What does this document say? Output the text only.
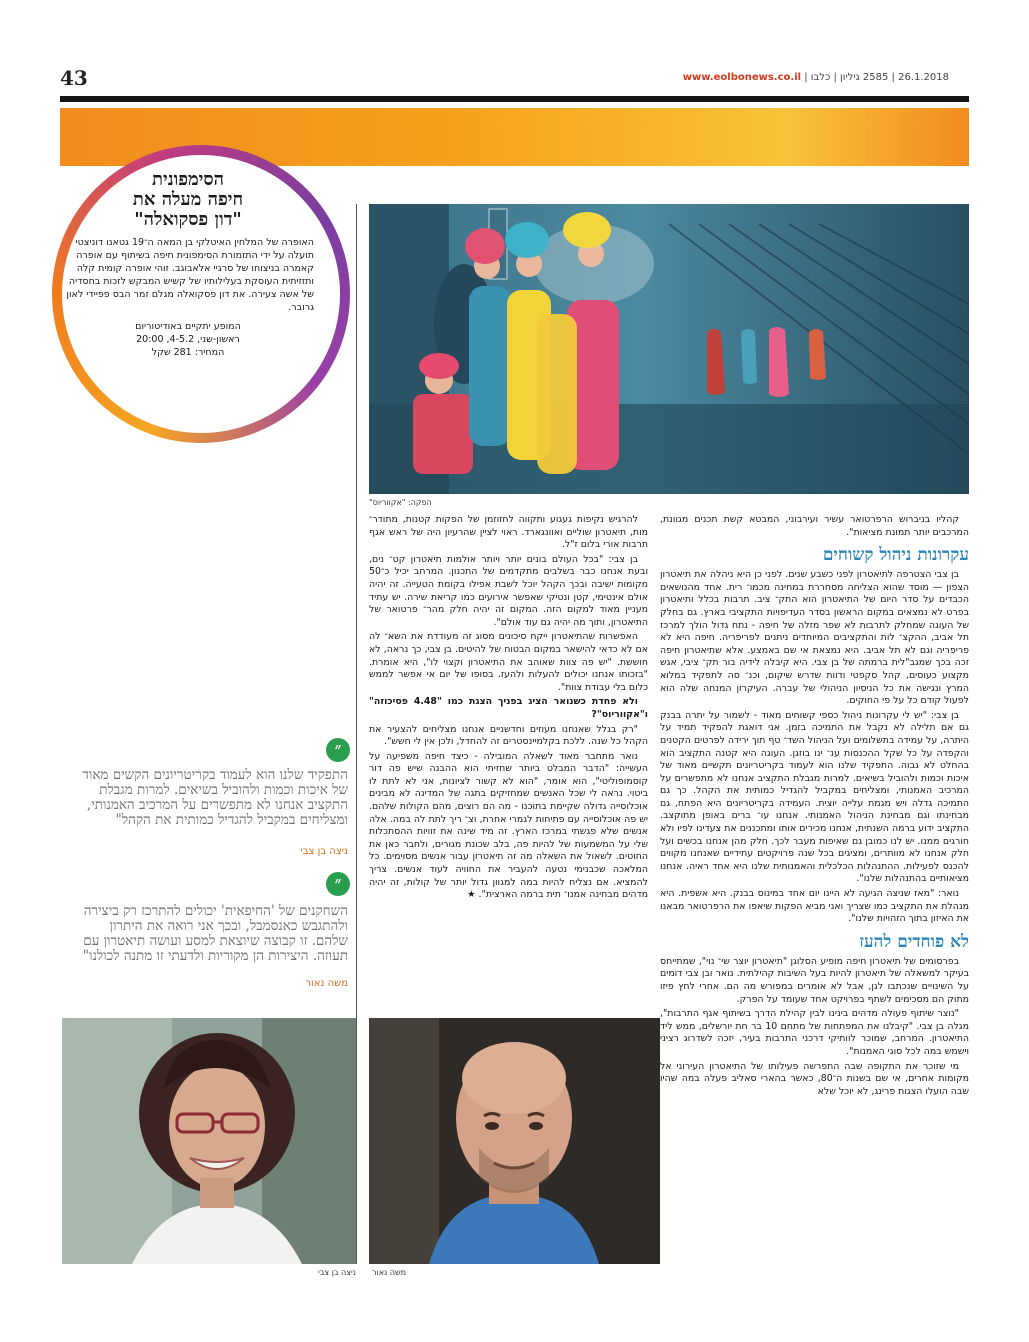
43	26.1.2018 | 2585 גיליון | כלבו | www.eolbonews.co.il
הסימפונית
חיפה מעלה את
"דון פסקואלה"
האופרה של המלחין האיטלקי בן המאה ה־19 גטאנו דוניצטי תועלה על ידי התזמורת הסימפונית חיפה בשיתוף עם אופרה קאמרה בניצוחו של סרגיי אלאבוגב. זוהי אופרה קומית קלה ותזזיתית העוסקת בעלילותיו של קשיש המבקש לזכות בחסדיה של אשה צעירה. את דון פסקואלה מגלם זמר הבס פפיידי לאון גרובר.
המופע יתקיים באודיטוריום
ראשון-שני, 4-5.2, 20:00
המחיר: 281 שקל
הפקה: "אקווריוס"

קהליו בניברוש הרפרטואר עשיר ועירבוני, המבטא קשת תכנים מגוונת, המרכבים יותר תמונת מציאות".

עקרונות ניהול קשוחים

בן צבי הצטרפה לתיאטרון לפני כשבע שנים. לפני כן היא ניהלה את תיאטרון הצפון — מוסד שהוא הצליחה מסחררת במחינה מכמו־ רית. אחד מהנושאים הכבדים על סדר היום של התיאטרון הוא התק־ ציב. תרבות בכלל ותיאטרון בפרט לא נמצאים במקום הראשון בסדר העדיפויות התקציבי בארץ. גם בחלק של העוגה שמחלק לתרבות לא שפר מזלה של חיפה - נתח גדול הולך למרכז תל אביב, ההקצ־ לות והתקציבים המיוחדים ניתנים לפריפריה. חיפה היא לא פריפריה וגם לא תל אביב. היא נמצאת אי שם באמצע. אלא שתיאטרון חיפה זכה בכך שמגב"לית ברמתה של בן צבי. היא קיבלה לידיה בור תק־ ציבי, אגש מקצוע כעוסים, קהל סקפטי ודוות שדרש שיקום, וכנ־ סה לתפקיד במלוא המרץ ונגישה את כל הניסיון הניהולי של עברה. העיקרון המנחה שלה הוא לפעול קודם כל על פי החוקים.

בן צבי: "יש לי עקרונות ניהול כספי קשוחים מאוד - לשמור על יתרה בבנק גם אם תלילה לא נקבל את התמיכה בזמן. אני דואגת להפקיד תמיד על היתרה, על עמידה בתשלומים ועל הניהול השד־ טף תוך ירידה לפרטים הקטנים והקפדה על כל שקל ההכנסות ענ־ ינו בוזגן. העוגה היא קטנה התקציב הוא בהחלט לא גבוה. התפקיד שלנו הוא לעמוד בקריטריונים תקשיים מאוד של איכות וכמות ולהוביל בשיאים. למרות מגבלת התקציב אנחנו לא מתפשרים על המרכיב האמנותי, ומצליחים במקביל להגדיל כמותית את הקהל. כך גם התמיכה גדלה ויש מגמת עלייה יוצית. העמידה בקריטריונים היא הפתח, גם מבחינתו וגם מבחינת הניהול האמנותי. אנחנו עו־ ברים באופן מתוקצב. התקציב ידוע ברמה השנתית, אנחנו מכירים אותו ומתכננים את צעדינו לפיו ולא חורגים ממנו. יש לנו כמובן גם שאיפות מעבר לכך. חלק מהן אנחנו בכשים ועל חלק אנחנו לא מוותרים, ומציגים בכל שנה פרויקטים עתידיים שאנחנו מקווים להכנס לפעילות. ההתנהלות הכלכלית והאמנותית שלנו היא אחד ראיה. אנחנו מציאותיים בהתנהלות שלנו".

נואר: "מאז שניצה הגיעה לא היינו יום אחד במינוס בבנק. היא אשפית. היא מנהלת את התקציב כמו שצריך ואני מביא הפקות שיאפו את הרפרטואר מבאנו את האיזון בתוך הזהויות שלנו".

לא פוחדים להעז

בפרסומים של תיאטרון חיפה מופיע הסלוגן "תיאטרון יוצר שי־ נוי", שמתייחס בעיקר למשאלה של תיאטרון להיות בעל השיבות קהילתית. נואר ובן צבי דומים על השינויים שנכתבו לגן, אבל לא אומרים במפורש מה הם. אחרי לחץ פיזו מתוק הם מסכימים לשתף בפרויקט אחד שעומד על הפרק.

"נוצר שיתוף פעולה מדהים בינינו לבין קהילת הדרך בשיתוף אגף התרבות", מגלה בן צבי. "קיבלנו את המפתחות של מתחם 10 בר חת יורשלים, ממש ליד התיאטרון. המרחב, שמוכר לוותיקי דרכני התרבות בעיר, יזכה לשדרוג רציני וישמש במה לכל סוגי האמנות".

מי שזוכר את התקופה שבה התפרשה פעילותו של התיאטרון העירוני אל מקומות אחרים, אי שם בשנות ה־80, כאשר בהארי סאליב פעלה במה שהיו שבה הועלו הצגות פרינג, לא יוכל שלא

להרגיש נקיפות געגוע ותקווה לחזוזמן של הפקות קטנות, מתודר־ מות, תיאטרון שוליים ואוונגארד. ראוי לציין שהרעיון היה של ראש אגף תרבות אורי בלום ז"ל.

בן צבי: "בכל העולם בונים יותר ויותר אולמות תיאטרון קט־ נים, ובעת אנחנו כבר בשלבים מתקדמים של התכנון. המרחב יכיל כ־50 מקומות ישיבה ובכך הקהל יוכל לשבת אפילו בקומת הטעייה. זה יהיה אולם אינטימי, קטן ונטיקי שאפשר אירועים כמו קריאת שירה. יש עתיד מעניין מאוד למקום הזה. המקום זה יהיה חלק מהר־ פרטואר של התיאטרון, ותוך מה יהיה גם עוד אולם".

האפשרות שהתיאטרון ייקח סיכונים מסוג זה מעודדת את השא־ לה אם לא כדאי להישאר במקום הבטוח של להיטים. בן צבי, כך נראה, לא חוששת. "יש פה צוות שאוהב את התיאטרון וקצוי לו", היא אומרת. "בזכותו אנחנו יכולים להעלות ולהעז. בסופו של יום אי אפשר לממש כלום בלי עבודת צוות".

ולא פחדת כשנואר הציג בפניך הצגת כמו "4.48 פסיכוזה" ו"אקווריוס"?

"רק בגלל שאנחנו מעוזים וחדשניים אנחנו מצליחים להצעיר את הקהל כל שנה. ללכת בקלמיינסטרים זה להחדל, ולכן אין לי חשש".

נואר מתחבר מאוד לשאלה המובילה - כיצד חיפה משפיעה על העשייה: "הדבר המבלט ביותר שחזיתי הוא ההבנה שיש פה דור קוסמופוליטי", הוא אומר, "הוא לא קשור לציונות, אני לא לתת לו ביטוי. נראה לי שכל האנשים שמחזיקים בתגה של המדינה לא מבינים אוכלוסייה גדולה שקיימת בתוכנו - מה הם רוצים, מהם הקולות שלהם. יש פה אוכלוסייה עם פתיחות לגמרי אחרת, וצ־ ריך לתת לה במה. אלה אנשים שלא פגשתי במרכז הארץ. זה מיד שינה את זוויות ההסתכלות שלי על המשמעות של להיות פה, בלב שכונת מגורים, ולחבר כאן את החוטים. לשאול את השאלה מה זה תיאטרון עבור אנשים מסוימים. כל המלאכה שכבנימי נטעה להעביר את החוויה לעוד אנשים. צריך להמציא. אם נצליח להיות במה למגוון גדול יותר של קולות, זה יהיה מדהים מבחינה אמנו־ תית ברמה הארצית". ★

״
התפקיד שלנו הוא לעמוד בקריטריונים הקשים מאוד של איכות וכמות ולהוביל בשיאים. למרות מגבלת התקציב אנחנו לא מתפשרים על המרכיב האמנותי, ומצליחים במקביל להגדיל כמותית את הקהל"
ניצה בן צבי
״
השחקנים של 'החיפאית' יכולים להתרכז רק ביצירה ולהתגבש כאנסמבל, ובכך אני רואה את היתרון שלהם. זו קבוצה שיוצאת למסע ועושה תיאטרון עם תעוזה. היצירות הן מקוריות ולדעתי זו מתנה לכולנו"
משה נאור
משה נאור
ניצה בן צבי
